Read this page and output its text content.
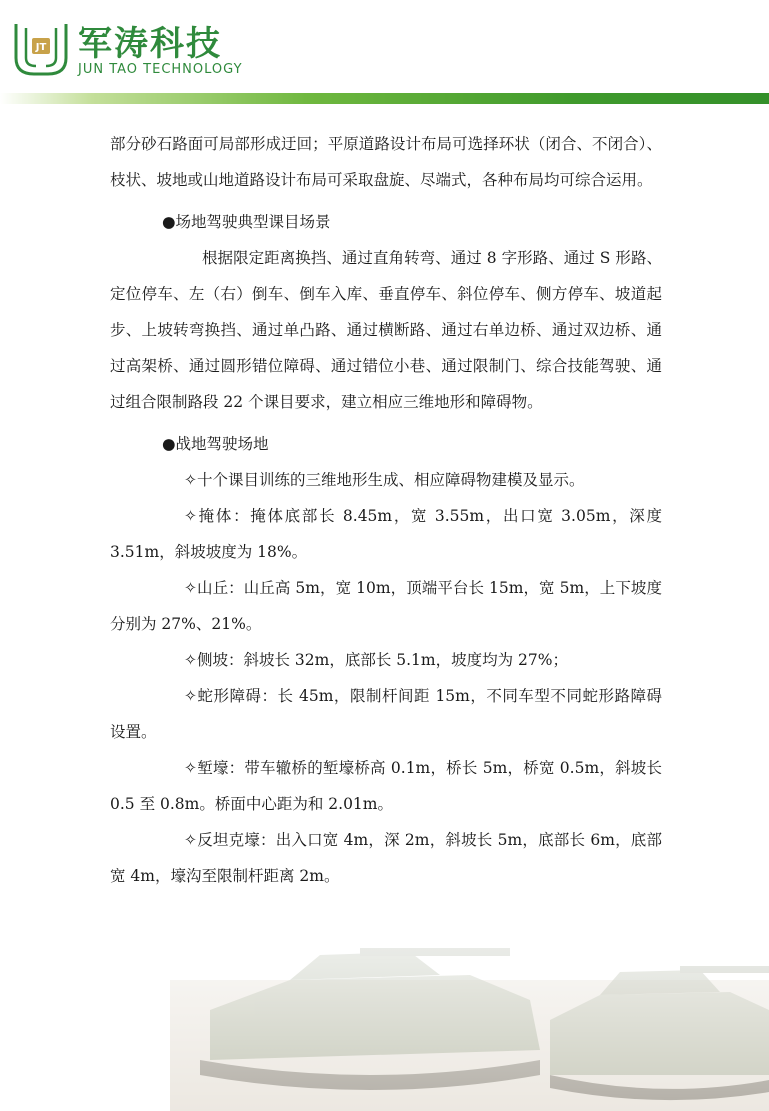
JT 军涛科技
JUN TAO TECHNOLOGY

部分砂石路面可局部形成迂回；平原道路设计布局可选择环状（闭合、不闭合）、枝状、坡地或山地道路设计布局可采取盘旋、尽端式，各种布局均可综合运用。

●场地驾驶典型课目场景

根据限定距离换挡、通过直角转弯、通过 8 字形路、通过 S 形路、定位停车、左（右）倒车、倒车入库、垂直停车、斜位停车、侧方停车、坡道起步、上坡转弯换挡、通过单凸路、通过横断路、通过右单边桥、通过双边桥、通过高架桥、通过圆形错位障碍、通过错位小巷、通过限制门、综合技能驾驶、通过组合限制路段 22 个课目要求，建立相应三维地形和障碍物。

●战地驾驶场地

✧十个课目训练的三维地形生成、相应障碍物建模及显示。

✧掩体：掩体底部长 8.45m，宽 3.55m，出口宽 3.05m，深度 3.51m，斜坡坡度为 18%。

✧山丘：山丘高 5m，宽 10m，顶端平台长 15m，宽 5m，上下坡度分别为 27%、21%。

✧侧坡：斜坡长 32m，底部长 5.1m，坡度均为 27%；

✧蛇形障碍：长 45m，限制杆间距 15m，不同车型不同蛇形路障碍设置。

✧堑壕：带车辙桥的堑壕桥高 0.1m，桥长 5m，桥宽 0.5m，斜坡长 0.5 至 0.8m。桥面中心距为和 2.01m。

✧反坦克壕：出入口宽 4m，深 2m，斜坡长 5m，底部长 6m，底部宽 4m，壕沟至限制杆距离 2m。
